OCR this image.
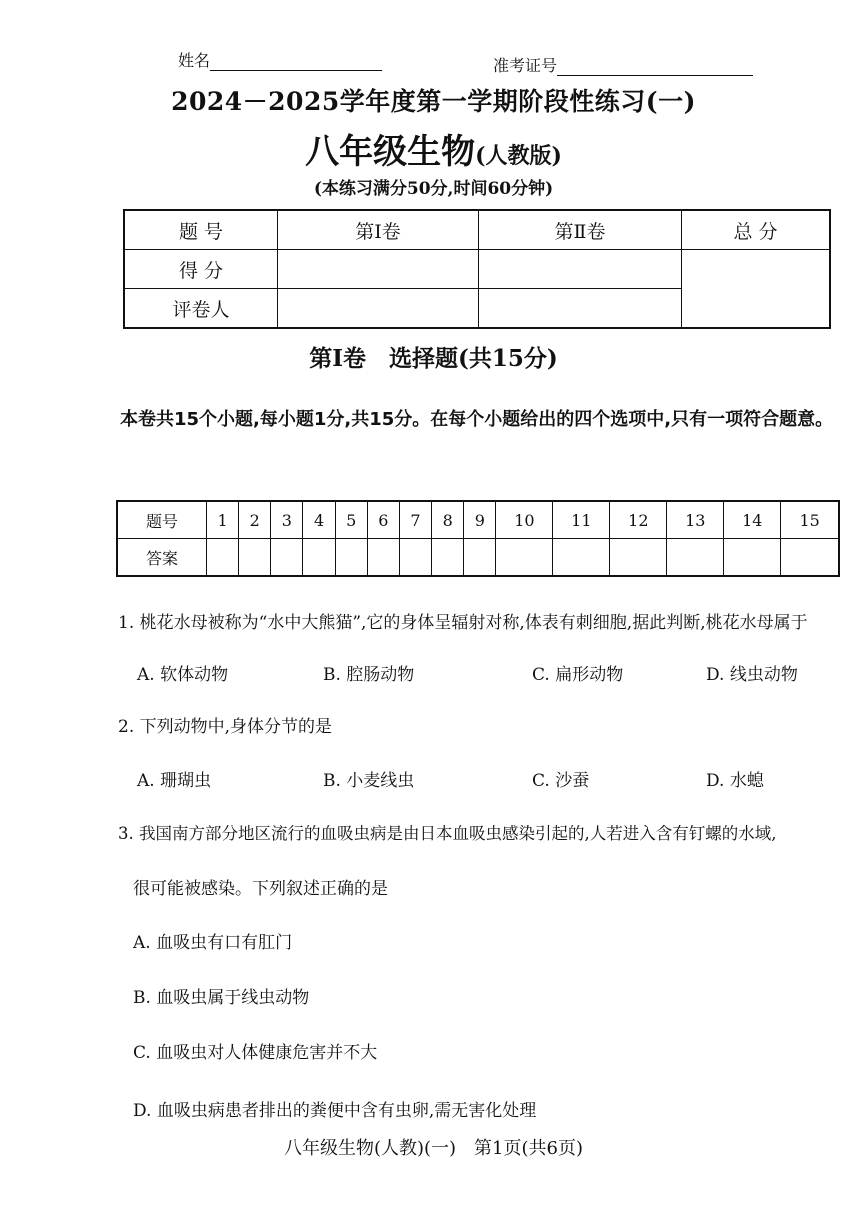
姓名	准考证号
2024－2025学年度第一学期阶段性练习(一)
八年级生物(人教版)
(本练习满分50分,时间60分钟)
题 号	第Ⅰ卷	第Ⅱ卷	总 分
得 分			
评卷人			
第Ⅰ卷　选择题(共15分)
本卷共15个小题,每小题1分,共15分。在每个小题给出的四个选项中,只有一项符合题意。
题号	1	2	3	4	5	6	7	8	9	10	11	12	13	14	15
答案															
1. 桃花水母被称为“水中大熊猫”,它的身体呈辐射对称,体表有刺细胞,据此判断,桃花水母属于
A. 软体动物	B. 腔肠动物	C. 扁形动物	D. 线虫动物
2. 下列动物中,身体分节的是
A. 珊瑚虫	B. 小麦线虫	C. 沙蚕	D. 水螅
3. 我国南方部分地区流行的血吸虫病是由日本血吸虫感染引起的,人若进入含有钉螺的水域,
很可能被感染。下列叙述正确的是
A. 血吸虫有口有肛门
B. 血吸虫属于线虫动物
C. 血吸虫对人体健康危害并不大
D. 血吸虫病患者排出的粪便中含有虫卵,需无害化处理
八年级生物(人教)(一)　第1页(共6页)
